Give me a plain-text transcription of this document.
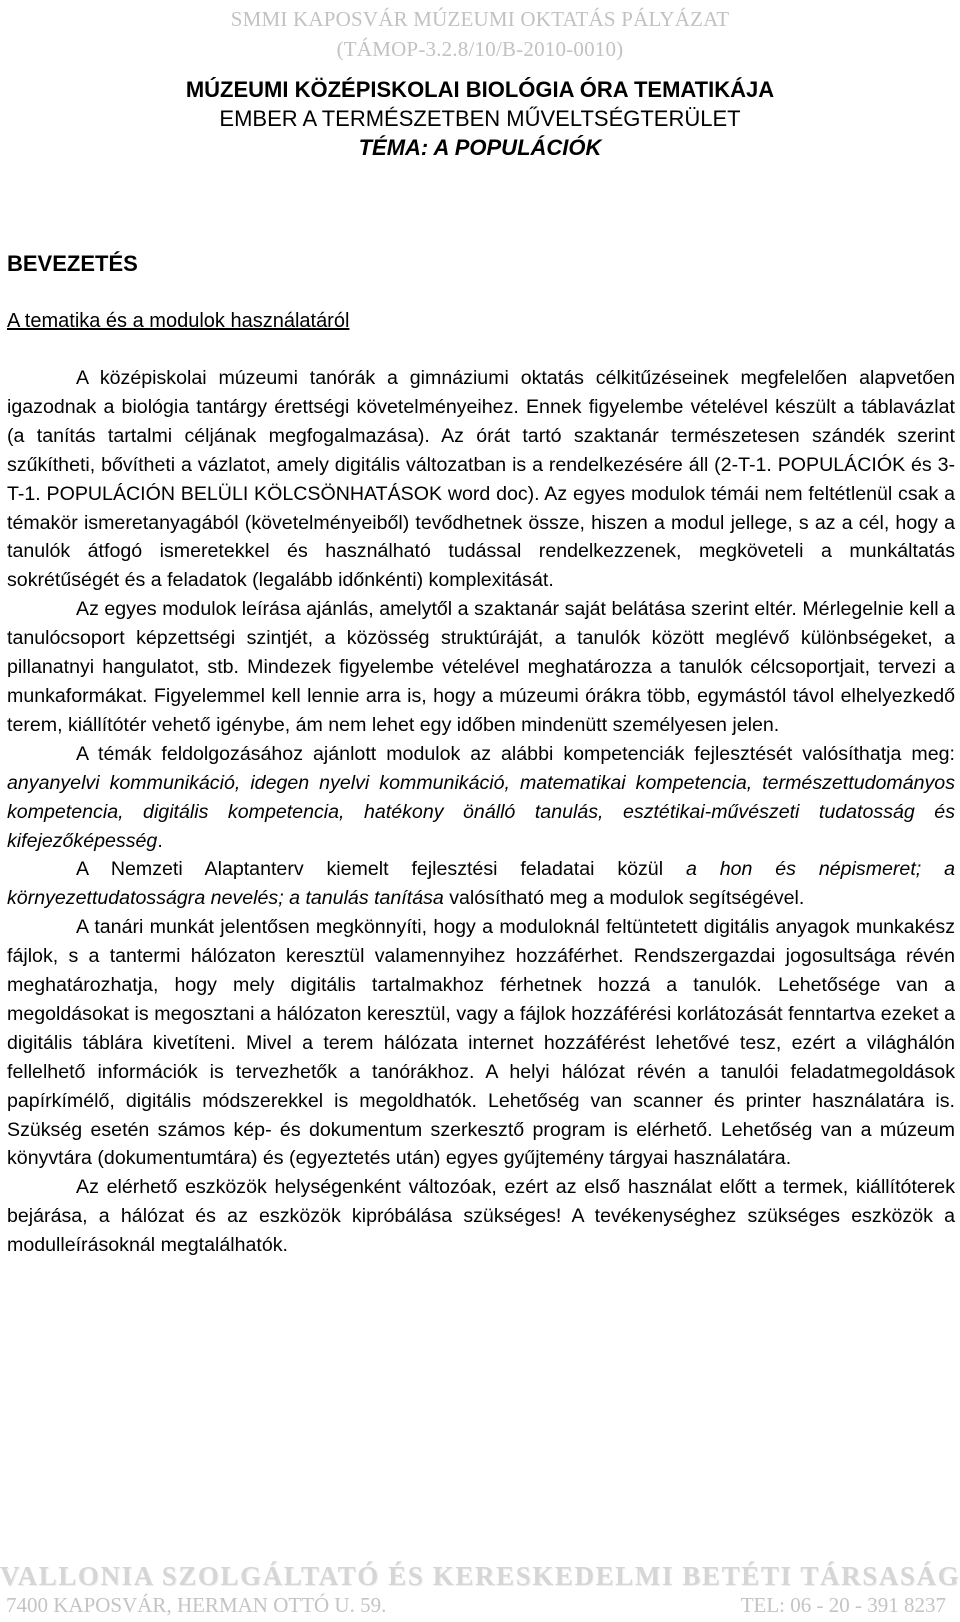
SMMI KAPOSVÁR MÚZEUMI OKTATÁS PÁLYÁZAT
(TÁMOP-3.2.8/10/B-2010-0010)
MÚZEUMI KÖZÉPISKOLAI BIOLÓGIA ÓRA TEMATIKÁJA
EMBER A TERMÉSZETBEN MŰVELTSÉGTERÜLET
TÉMA: A POPULÁCIÓK
BEVEZETÉS
A tematika és a modulok használatáról

A középiskolai múzeumi tanórák a gimnáziumi oktatás célkitűzéseinek megfelelően alapvetően igazodnak a biológia tantárgy érettségi követelményeihez. Ennek figyelembe vételével készült a táblavázlat (a tanítás tartalmi céljának megfogalmazása). Az órát tartó szaktanár természetesen szándék szerint szűkítheti, bővítheti a vázlatot, amely digitális változatban is a rendelkezésére áll (2-T-1. POPULÁCIÓK és 3-T-1. POPULÁCIÓN BELÜLI KÖLCSÖNHATÁSOK word doc). Az egyes modulok témái nem feltétlenül csak a témakör ismeretanyagából (követelményeiből) tevődhetnek össze, hiszen a modul jellege, s az a cél, hogy a tanulók átfogó ismeretekkel és használható tudással rendelkezzenek, megköveteli a munkáltatás sokrétűségét és a feladatok (legalább időnkénti) komplexitását.

Az egyes modulok leírása ajánlás, amelytől a szaktanár saját belátása szerint eltér. Mérlegelnie kell a tanulócsoport képzettségi szintjét, a közösség struktúráját, a tanulók között meglévő különbségeket, a pillanatnyi hangulatot, stb. Mindezek figyelembe vételével meghatározza a tanulók célcsoportjait, tervezi a munkaformákat. Figyelemmel kell lennie arra is, hogy a múzeumi órákra több, egymástól távol elhelyezkedő terem, kiállítótér vehető igénybe, ám nem lehet egy időben mindenütt személyesen jelen.

A témák feldolgozásához ajánlott modulok az alábbi kompetenciák fejlesztését valósíthatja meg: anyanyelvi kommunikáció, idegen nyelvi kommunikáció, matematikai kompetencia, természettudományos kompetencia, digitális kompetencia, hatékony önálló tanulás, esztétikai-művészeti tudatosság és kifejezőképesség.

A Nemzeti Alaptanterv kiemelt fejlesztési feladatai közül a hon és népismeret; a környezettudatosságra nevelés; a tanulás tanítása valósítható meg a modulok segítségével.

A tanári munkát jelentősen megkönnyíti, hogy a moduloknál feltüntetett digitális anyagok munkakész fájlok, s a tantermi hálózaton keresztül valamennyihez hozzáférhet. Rendszergazdai jogosultsága révén meghatározhatja, hogy mely digitális tartalmakhoz férhetnek hozzá a tanulók. Lehetősége van a megoldásokat is megosztani a hálózaton keresztül, vagy a fájlok hozzáférési korlátozását fenntartva ezeket a digitális táblára kivetíteni. Mivel a terem hálózata internet hozzáférést lehetővé tesz, ezért a világhálón fellelhető információk is tervezhetők a tanórákhoz. A helyi hálózat révén a tanulói feladatmegoldások papírkímélő, digitális módszerekkel is megoldhatók. Lehetőség van scanner és printer használatára is. Szükség esetén számos kép- és dokumentum szerkesztő program is elérhető. Lehetőség van a múzeum könyvtára (dokumentumtára) és (egyeztetés után) egyes gyűjtemény tárgyai használatára.

Az elérhető eszközök helységenként változóak, ezért az első használat előtt a termek, kiállítóterek bejárása, a hálózat és az eszközök kipróbálása szükséges! A tevékenységhez szükséges eszközök a modulleírásoknál megtalálhatók.

VALLONIA SZOLGÁLTATÓ ÉS KERESKEDELMI BETÉTI TÁRSASÁG
7400 KAPOSVÁR, HERMAN OTTÓ U. 59.	TEL: 06 - 20 - 391 8237
